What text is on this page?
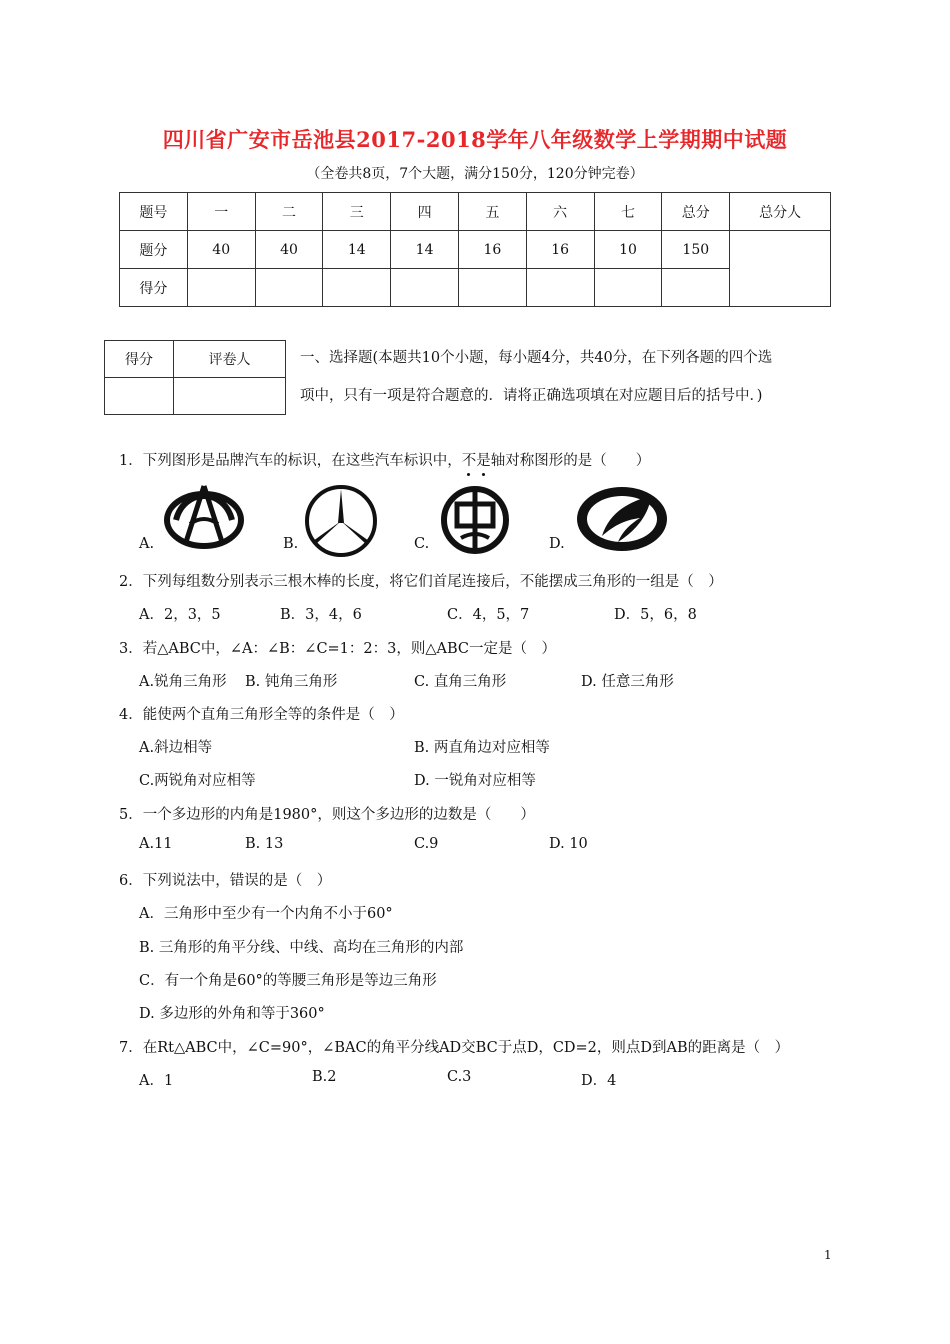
四川省广安市岳池县2017-2018学年八年级数学上学期期中试题
（全卷共8页，7个大题，满分150分，120分钟完卷）
题号	一	二	三	四	五	六	七	总分	总分人
题分	40	40	14	14	16	16	10	150	
得分									
得分	评卷人
		一、选择题(本题共10个小题，每小题4分，共40分，在下列各题的四个选
项中，只有一项是符合题意的．请将正确选项填在对应题目后的括号中．)
1．下列图形是品牌汽车的标识，在这些汽车标识中，不
是
轴对称图形的是（　　）
A.	B.	C.	D.
2．下列每组数分别表示三根木棒的长度，将它们首尾连接后，不能摆成三角形的一组是（　）
A．2，3，5	B．3，4，6	C．4，5，7	D．5，6，8
3．若△ABC中，∠A：∠B：∠C=1：2：3，则△ABC一定是（　）
A.锐角三角形 B. 钝角三角形	C. 直角三角形	D. 任意三角形
4．能使两个直角三角形全等的条件是（　）
A.斜边相等	B. 两直角边对应相等
C.两锐角对应相等	D. 一锐角对应相等
5．一个多边形的内角是1980°，则这个多边形的边数是（　　）
A.11	B. 13	C.9	D. 10
6．下列说法中，错误的是（　）
A．三角形中至少有一个内角不小于60°
B. 三角形的角平分线、中线、高均在三角形的内部
C．有一个角是60°的等腰三角形是等边三角形
D. 多边形的外角和等于360°
7．在Rt△ABC中，∠C=90°，∠BAC的角平分线AD交BC于点D，CD=2，则点D到AB的距离是（　）
A．1	B.2	C.3	D．4
1
